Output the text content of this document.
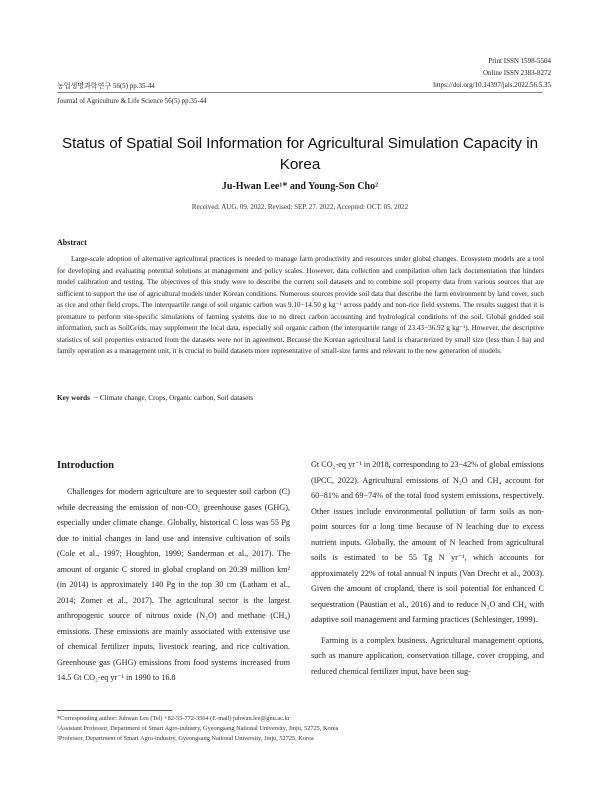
Print ISSN 1598-5504
Online ISSN 2383-8272
농업생명과학연구 56(5) pp.35-44	https://doi.org/10.14397/jals.2022.56.5.35
Journal of Agriculture & Life Science 56(5) pp.35-44
Status of Spatial Soil Information for Agricultural Simulation Capacity in Korea
Ju-Hwan Lee¹* and Young-Son Cho²
Received: AUG. 09. 2022, Revised: SEP. 27. 2022, Accepted: OCT. 05. 2022
Abstract
Large-scale adoption of alternative agricultural practices is needed to manage farm productivity and resources under global changes. Ecosystem models are a tool for developing and evaluating potential solutions at management and policy scales. However, data collection and compilation often lack documentation that hinders model calibration and testing. The objectives of this study were to describe the current soil datasets and to combine soil property data from various sources that are sufficient to support the use of agricultural models under Korean conditions. Numerous sources provide soil data that describe the farm environment by land cover, such as rice and other field crops. The interquartile range of soil organic carbon was 9.10−14.50 g kg⁻¹ across paddy and non-rice field systems. The results suggest that it is premature to perform site-specific simulations of farming systems due to no direct carbon accounting and hydrological conditions of the soil. Global gridded soil information, such as SoilGrids, may supplement the local data, especially soil organic carbon (the interquartile range of 23.43−36.92 g kg⁻¹). However, the descriptive statistics of soil properties extracted from the datasets were not in agreement. Because the Korean agricultural land is characterized by small size (less than 1 ha) and family operation as a management unit, it is crucial to build datasets more representative of small-size farms and relevant to the new generation of models.
Key words − Climate change, Crops, Organic carbon, Soil datasets
Introduction

Challenges for modern agriculture are to sequester soil carbon (C) while decreasing the emission of non-CO₂ greenhouse gases (GHG), especially under climate change. Globally, historical C loss was 55 Pg due to initial changes in land use and intensive cultivation of soils (Cole et al., 1997; Houghton, 1999; Sanderman et al., 2017). The amount of organic C stored in global cropland on 20.39 million km² (in 2014) is approximately 140 Pg in the top 30 cm (Latham et al., 2014; Zomer et al., 2017). The agricultural sector is the largest anthropogenic source of nitrous oxide (N₂O) and methane (CH₄) emissions. These emissions are mainly associated with extensive use of chemical fertilizer inputs, livestock rearing, and rice cultivation. Greenhouse gas (GHG) emissions from food systems increased from 14.5 Gt CO₂-eq yr⁻¹ in 1990 to 16.8

Gt CO₂-eq yr⁻¹ in 2018, corresponding to 23−42% of global emissions (IPCC, 2022). Agricultural emissions of N₂O and CH₄ account for 60−81% and 69−74% of the total food system emissions, respectively. Other issues include environmental pollution of farm soils as non-point sources for a long time because of N leaching due to excess nutrient inputs. Globally, the amount of N leached from agricultural soils is estimated to be 55 Tg N yr⁻¹, which accounts for approximately 22% of total annual N inputs (Van Drecht et al., 2003). Given the amount of cropland, there is soil potential for enhanced C sequestration (Paustian et al., 2016) and to reduce N₂O and CH₄ with adaptive soil management and farming practices (Schlesinger, 1999).

Farming is a complex business. Agricultural management options, such as manure application, conservation tillage, cover cropping, and reduced chemical fertilizer input, have been sug-

*Corresponding author: Juhwan Lee (Tel) +82-55-772-3564 (E-mail) juhwan.lee@gnu.ac.kr
¹Assistant Professor, Department of Smart Agro-industry, Gyeongsang National University, Jinju, 52725, Korea
²Professor, Department of Smart Agro-industry, Gyeongsang National University, Jinju, 52725, Korea
